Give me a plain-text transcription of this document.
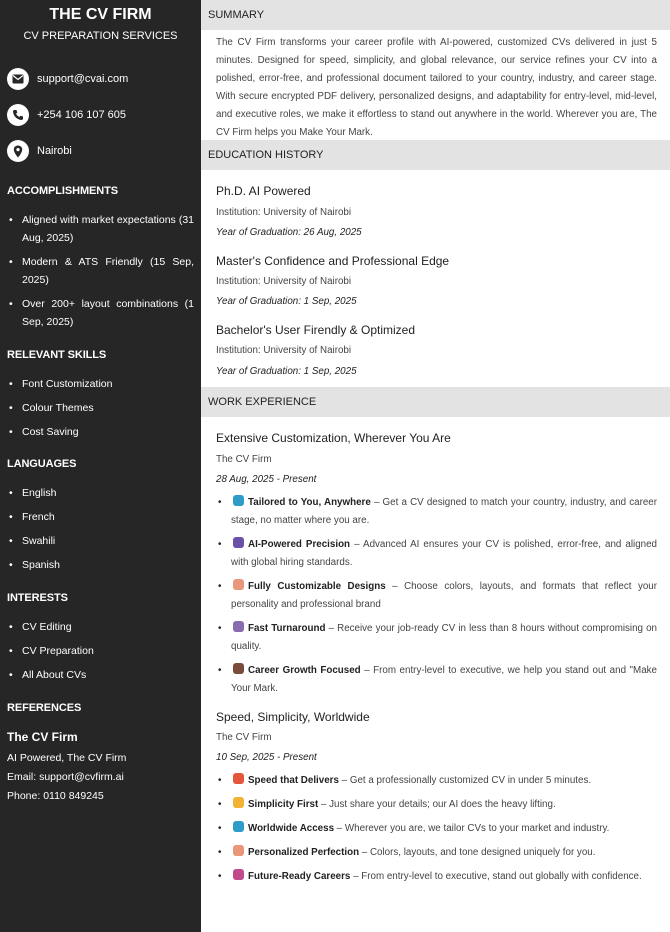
THE CV FIRM
CV PREPARATION SERVICES
support@cvai.com
+254 106 107 605
Nairobi
ACCOMPLISHMENTS
• Aligned with market expectations (31 Aug, 2025)
• Modern & ATS Friendly (15 Sep, 2025)
• Over 200+ layout combinations (1 Sep, 2025)
RELEVANT SKILLS
• Font Customization
• Colour Themes
• Cost Saving
LANGUAGES
• English
• French
• Swahili
• Spanish
INTERESTS
• CV Editing
• CV Preparation
• All About CVs
REFERENCES
The CV Firm
AI Powered, The CV Firm
Email: support@cvfirm.ai
Phone: 0110 849245
SUMMARY
The CV Firm transforms your career profile with AI-powered, customized CVs delivered in just 5 minutes. Designed for speed, simplicity, and global relevance, our service refines your CV into a polished, error-free, and professional document tailored to your country, industry, and career stage. With secure encrypted PDF delivery, personalized designs, and adaptability for entry-level, mid-level, and executive roles, we make it effortless to stand out anywhere in the world. Wherever you are, The CV Firm helps you Make Your Mark.
EDUCATION HISTORY
Ph.D. AI Powered
Institution: University of Nairobi
Year of Graduation: 26 Aug, 2025
Master's Confidence and Professional Edge
Institution: University of Nairobi
Year of Graduation: 1 Sep, 2025
Bachelor's User Firendly & Optimized
Institution: University of Nairobi
Year of Graduation: 1 Sep, 2025
WORK EXPERIENCE
Extensive Customization, Wherever You Are
The CV Firm
28 Aug, 2025 - Present
• Tailored to You, Anywhere – Get a CV designed to match your country, industry, and career stage, no matter where you are.
• AI-Powered Precision – Advanced AI ensures your CV is polished, error-free, and aligned with global hiring standards.
• Fully Customizable Designs – Choose colors, layouts, and formats that reflect your personality and professional brand
• Fast Turnaround – Receive your job-ready CV in less than 8 hours without compromising on quality.
• Career Growth Focused – From entry-level to executive, we help you stand out and "Make Your Mark.
Speed, Simplicity, Worldwide
The CV Firm
10 Sep, 2025 - Present
• Speed that Delivers – Get a professionally customized CV in under 5 minutes.
• Simplicity First – Just share your details; our AI does the heavy lifting.
• Worldwide Access – Wherever you are, we tailor CVs to your market and industry.
• Personalized Perfection – Colors, layouts, and tone designed uniquely for you.
• Future-Ready Careers – From entry-level to executive, stand out globally with confidence.
